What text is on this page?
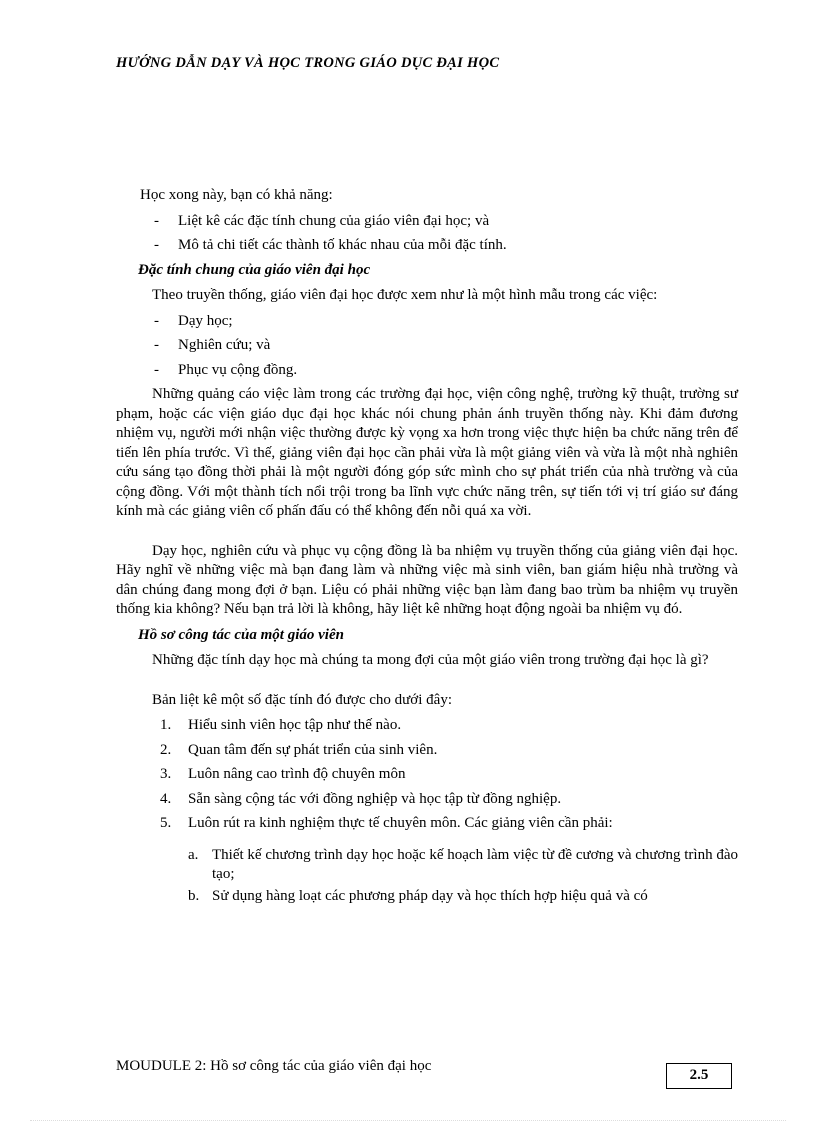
HƯỚNG DẪN DẠY VÀ HỌC TRONG GIÁO DỤC ĐẠI HỌC

Học xong này, bạn có khả năng:

-	Liệt kê các đặc tính chung của giáo viên đại học; và
-	Mô tả chi tiết các thành tố khác nhau của mỗi đặc tính.

Đặc tính chung của giáo viên đại học

Theo truyền thống, giáo viên đại học được xem như là một hình mẫu trong các việc:

-	Dạy học;
-	Nghiên cứu; và
-	Phục vụ cộng đồng.

Những quảng cáo việc làm trong các trường đại học, viện công nghệ, trường kỹ thuật, trường sư phạm, hoặc các viện giáo dục đại học khác nói chung phản ánh truyền thống này. Khi đảm đương nhiệm vụ, người mới nhận việc thường được kỳ vọng xa hơn trong việc thực hiện ba chức năng trên để tiến lên phía trước. Vì thế, giảng viên đại học cần phải vừa là một giảng viên và vừa là một nhà nghiên cứu sáng tạo đồng thời phải là một người đóng góp sức mình cho sự phát triển của nhà trường và của cộng đồng. Với một thành tích nổi trội trong ba lĩnh vực chức năng trên, sự tiến tới vị trí giáo sư đáng kính mà các giảng viên cố phấn đấu có thể không đến nỗi quá xa vời.

Dạy học, nghiên cứu và phục vụ cộng đồng là ba nhiệm vụ truyền thống của giảng viên đại học. Hãy nghĩ về những việc mà bạn đang làm và những việc mà sinh viên, ban giám hiệu nhà trường và dân chúng đang mong đợi ở bạn. Liệu có phải những việc bạn làm đang bao trùm ba nhiệm vụ truyền thống kia không? Nếu bạn trả lời là không, hãy liệt kê những hoạt động ngoài ba nhiệm vụ đó.

Hồ sơ công tác của một giáo viên

Những đặc tính dạy học mà chúng ta mong đợi của một giáo viên trong trường đại học là gì?

Bản liệt kê một số đặc tính đó được cho dưới đây:

1.	Hiểu sinh viên học tập như thế nào.
2.	Quan tâm đến sự phát triển của sinh viên.
3.	Luôn nâng cao trình độ chuyên môn
4.	Sẵn sàng cộng tác với đồng nghiệp và học tập từ đồng nghiệp.
5.	Luôn rút ra kinh nghiệm thực tế chuyên môn. Các giảng viên cần phải:
a. Thiết kế chương trình dạy học hoặc kế hoạch làm việc từ đề cương và chương trình đào tạo;
b. Sử dụng hàng loạt các phương pháp dạy và học thích hợp hiệu quả và có
MOUDULE 2: Hồ sơ công tác của giáo viên đại học
2.5
